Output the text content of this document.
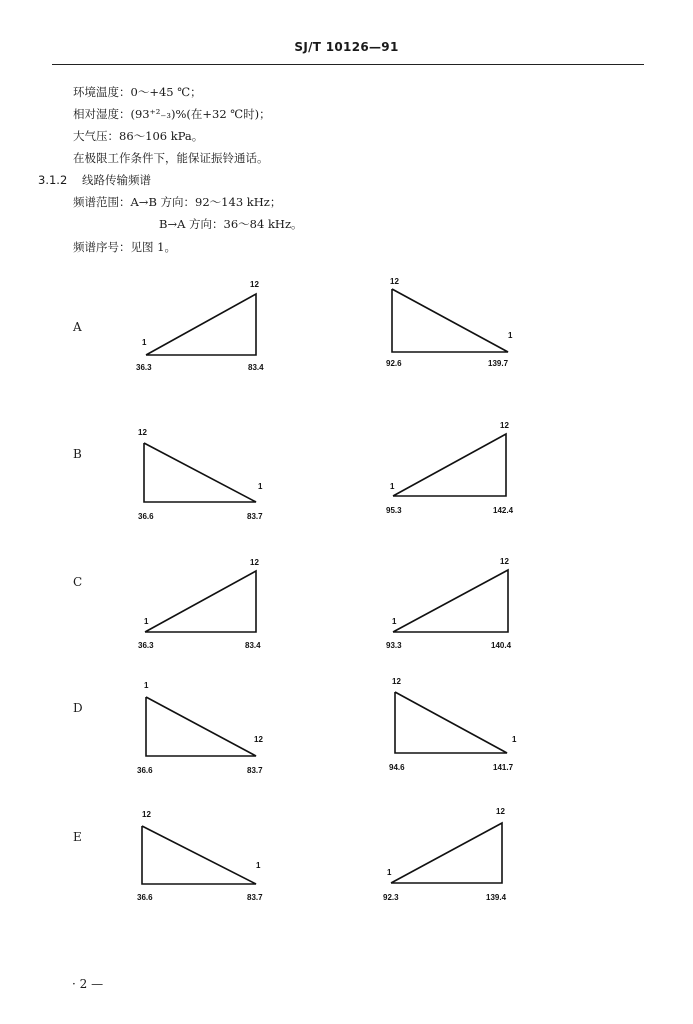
SJ/T 10126—91
环境温度：0～+45 ℃；
相对湿度：(93⁺²₋₃)%(在+32 ℃时)；
大气压：86～106 kPa。
在极限工作条件下，能保证振铃通话。
3.1.2 线路传输频谱
频谱范围：A→B 方向：92～143 kHz；
B→A 方向：36～84 kHz。
频谱序号：见图 1。
A
B
C
D
E
12
1
36.3	83.4
12
1
92.6	139.7
12
1
36.6	83.7
12
1
95.3	142.4
12
1
36.3	83.4
12
1
93.3	140.4
1
12
36.6	83.7
12
1
94.6	141.7
12
1
36.6	83.7
12
1
92.3	139.4
· 2 —
